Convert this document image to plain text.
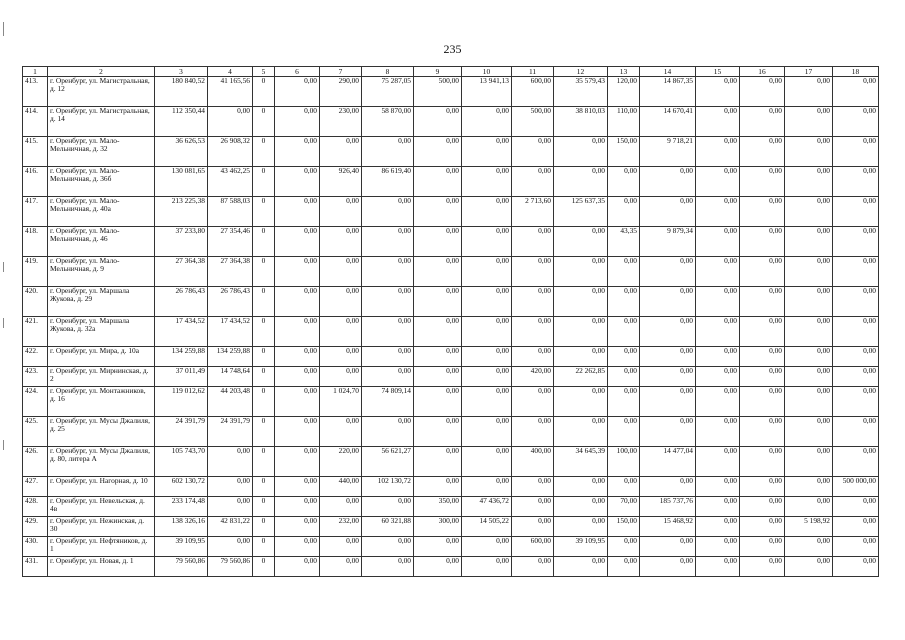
235
1	2	3	4	5	6	7	8	9	10	11	12	13	14	15	16	17	18
413.	г. Оренбург, ул. Магистральная, д. 12	180 840,52	41 165,56	0	0,00	290,00	75 287,05	500,00	13 941,13	600,00	35 579,43	120,00	14 867,35	0,00	0,00	0,00	0,00
414.	г. Оренбург, ул. Магистральная, д. 14	112 350,44	0,00	0	0,00	230,00	58 870,00	0,00	0,00	500,00	38 810,03	110,00	14 670,41	0,00	0,00	0,00	0,00
415.	г. Оренбург, ул. Мало-Мельничная, д. 32	36 626,53	26 908,32	0	0,00	0,00	0,00	0,00	0,00	0,00	0,00	150,00	9 718,21	0,00	0,00	0,00	0,00
416.	г. Оренбург, ул. Мало-Мельничная, д. 36б	130 081,65	43 462,25	0	0,00	926,40	86 619,40	0,00	0,00	0,00	0,00	0,00	0,00	0,00	0,00	0,00	0,00
417.	г. Оренбург, ул. Мало-Мельничная, д. 40а	213 225,38	87 588,03	0	0,00	0,00	0,00	0,00	0,00	2 713,60	125 637,35	0,00	0,00	0,00	0,00	0,00	0,00
418.	г. Оренбург, ул. Мало-Мельничная, д. 46	37 233,80	27 354,46	0	0,00	0,00	0,00	0,00	0,00	0,00	0,00	43,35	9 879,34	0,00	0,00	0,00	0,00
419.	г. Оренбург, ул. Мало-Мельничная, д. 9	27 364,38	27 364,38	0	0,00	0,00	0,00	0,00	0,00	0,00	0,00	0,00	0,00	0,00	0,00	0,00	0,00
420.	г. Оренбург, ул. Маршала Жукова, д. 29	26 786,43	26 786,43	0	0,00	0,00	0,00	0,00	0,00	0,00	0,00	0,00	0,00	0,00	0,00	0,00	0,00
421.	г. Оренбург, ул. Маршала Жукова, д. 32а	17 434,52	17 434,52	0	0,00	0,00	0,00	0,00	0,00	0,00	0,00	0,00	0,00	0,00	0,00	0,00	0,00
422.	г. Оренбург, ул. Мира, д. 10а	134 259,88	134 259,88	0	0,00	0,00	0,00	0,00	0,00	0,00	0,00	0,00	0,00	0,00	0,00	0,00	0,00
423.	г. Оренбург, ул. Мирнинская, д. 2	37 011,49	14 748,64	0	0,00	0,00	0,00	0,00	0,00	420,00	22 262,85	0,00	0,00	0,00	0,00	0,00	0,00
424.	г. Оренбург, ул. Монтажников, д. 16	119 012,62	44 203,48	0	0,00	1 024,70	74 809,14	0,00	0,00	0,00	0,00	0,00	0,00	0,00	0,00	0,00	0,00
425.	г. Оренбург, ул. Мусы Джалиля, д. 25	24 391,79	24 391,79	0	0,00	0,00	0,00	0,00	0,00	0,00	0,00	0,00	0,00	0,00	0,00	0,00	0,00
426.	г. Оренбург, ул. Мусы Джалиля, д. 80, литера А	105 743,70	0,00	0	0,00	220,00	56 621,27	0,00	0,00	400,00	34 645,39	100,00	14 477,04	0,00	0,00	0,00	0,00
427.	г. Оренбург, ул. Нагорная, д. 10	602 130,72	0,00	0	0,00	440,00	102 130,72	0,00	0,00	0,00	0,00	0,00	0,00	0,00	0,00	0,00	500 000,00
428.	г. Оренбург, ул. Невельская, д. 4в	233 174,48	0,00	0	0,00	0,00	0,00	350,00	47 436,72	0,00	0,00	70,00	185 737,76	0,00	0,00	0,00	0,00
429.	г. Оренбург, ул. Нежинская, д. 30	138 326,16	42 831,22	0	0,00	232,00	60 321,88	300,00	14 505,22	0,00	0,00	150,00	15 468,92	0,00	0,00	5 198,92	0,00
430.	г. Оренбург, ул. Нефтяников, д. 1	39 109,95	0,00	0	0,00	0,00	0,00	0,00	0,00	600,00	39 109,95	0,00	0,00	0,00	0,00	0,00	0,00
431.	г. Оренбург, ул. Новая, д. 1	79 560,86	79 560,86	0	0,00	0,00	0,00	0,00	0,00	0,00	0,00	0,00	0,00	0,00	0,00	0,00	0,00
